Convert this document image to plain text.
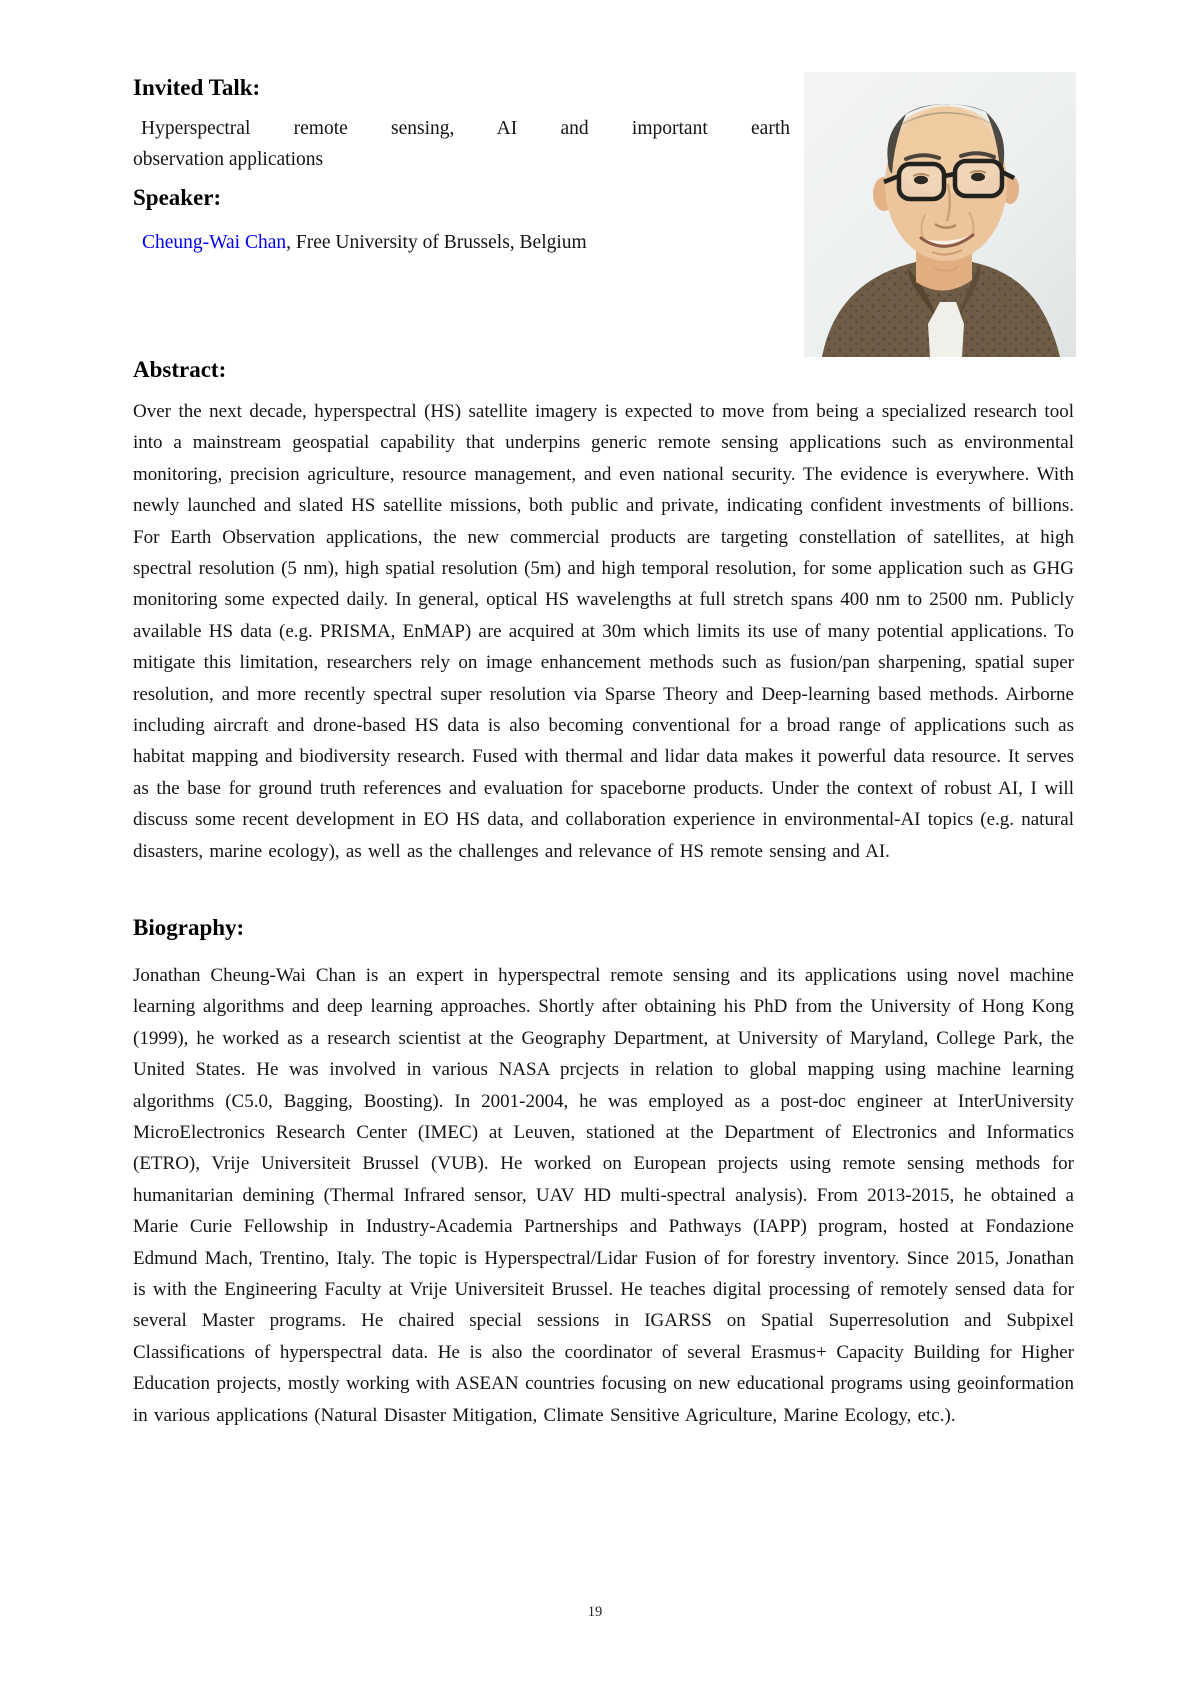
Invited Talk:
Hyperspectral remote sensing, AI and important earth
observation applications
Speaker:
Cheung-Wai Chan, Free University of Brussels, Belgium
Abstract:
Over the next decade, hyperspectral (HS) satellite imagery is expected to move from being a specialized research tool into a mainstream geospatial capability that underpins generic remote sensing applications such as environmental monitoring, precision agriculture, resource management, and even national security. The evidence is everywhere. With newly launched and slated HS satellite missions, both public and private, indicating confident investments of billions. For Earth Observation applications, the new commercial products are targeting constellation of satellites, at high spectral resolution (5 nm), high spatial resolution (5m) and high temporal resolution, for some application such as GHG monitoring some expected daily. In general, optical HS wavelengths at full stretch spans 400 nm to 2500 nm. Publicly available HS data (e.g. PRISMA, EnMAP) are acquired at 30m which limits its use of many potential applications. To mitigate this limitation, researchers rely on image enhancement methods such as fusion/pan sharpening, spatial super resolution, and more recently spectral super resolution via Sparse Theory and Deep-learning based methods. Airborne including aircraft and drone-based HS data is also becoming conventional for a broad range of applications such as habitat mapping and biodiversity research. Fused with thermal and lidar data makes it powerful data resource. It serves as the base for ground truth references and evaluation for spaceborne products. Under the context of robust AI, I will discuss some recent development in EO HS data, and collaboration experience in environmental-AI topics (e.g. natural disasters, marine ecology), as well as the challenges and relevance of HS remote sensing and AI.
Biography:
Jonathan Cheung-Wai Chan is an expert in hyperspectral remote sensing and its applications using novel machine learning algorithms and deep learning approaches. Shortly after obtaining his PhD from the University of Hong Kong (1999), he worked as a research scientist at the Geography Department, at University of Maryland, College Park, the United States. He was involved in various NASA prcjects in relation to global mapping using machine learning algorithms (C5.0, Bagging, Boosting). In 2001-2004, he was employed as a post-doc engineer at InterUniversity MicroElectronics Research Center (IMEC) at Leuven, stationed at the Department of Electronics and Informatics (ETRO), Vrije Universiteit Brussel (VUB). He worked on European projects using remote sensing methods for humanitarian demining (Thermal Infrared sensor, UAV HD multi-spectral analysis). From 2013-2015, he obtained a Marie Curie Fellowship in Industry-Academia Partnerships and Pathways (IAPP) program, hosted at Fondazione Edmund Mach, Trentino, Italy. The topic is Hyperspectral/Lidar Fusion of for forestry inventory. Since 2015, Jonathan is with the Engineering Faculty at Vrije Universiteit Brussel. He teaches digital processing of remotely sensed data for several Master programs. He chaired special sessions in IGARSS on Spatial Superresolution and Subpixel Classifications of hyperspectral data. He is also the coordinator of several Erasmus+ Capacity Building for Higher Education projects, mostly working with ASEAN countries focusing on new educational programs using geoinformation in various applications (Natural Disaster Mitigation, Climate Sensitive Agriculture, Marine Ecology, etc.).
19
